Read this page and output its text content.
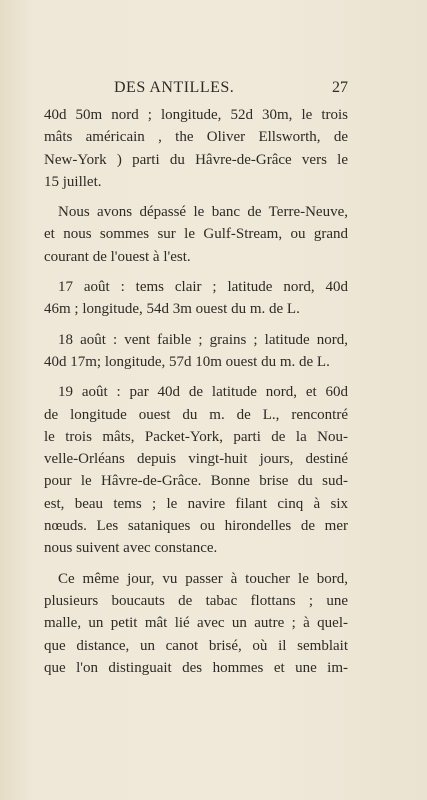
DES ANTILLES.	27
40d 50m nord ; longitude, 52d 30m, le trois
mâts américain , the Oliver Ellsworth, de
New-York ) parti du Hâvre-de-Grâce vers le
15 juillet.
Nous avons dépassé le banc de Terre-Neuve,
et nous sommes sur le Gulf-Stream, ou grand
courant de l'ouest à l'est.
17 août : tems clair ; latitude nord, 40d
46m ; longitude, 54d 3m ouest du m. de L.
18 août : vent faible ; grains ; latitude nord,
40d 17m; longitude, 57d 10m ouest du m. de L.
19 août : par 40d de latitude nord, et 60d
de longitude ouest du m. de L., rencontré
le trois mâts, Packet-York, parti de la Nou-
velle-Orléans depuis vingt-huit jours, destiné
pour le Hâvre-de-Grâce. Bonne brise du sud-
est, beau tems ; le navire filant cinq à six
nœuds. Les sataniques ou hirondelles de mer
nous suivent avec constance.
Ce même jour, vu passer à toucher le bord,
plusieurs boucauts de tabac flottans ; une
malle, un petit mât lié avec un autre ; à quel-
que distance, un canot brisé, où il semblait
que l'on distinguait des hommes et une im-
